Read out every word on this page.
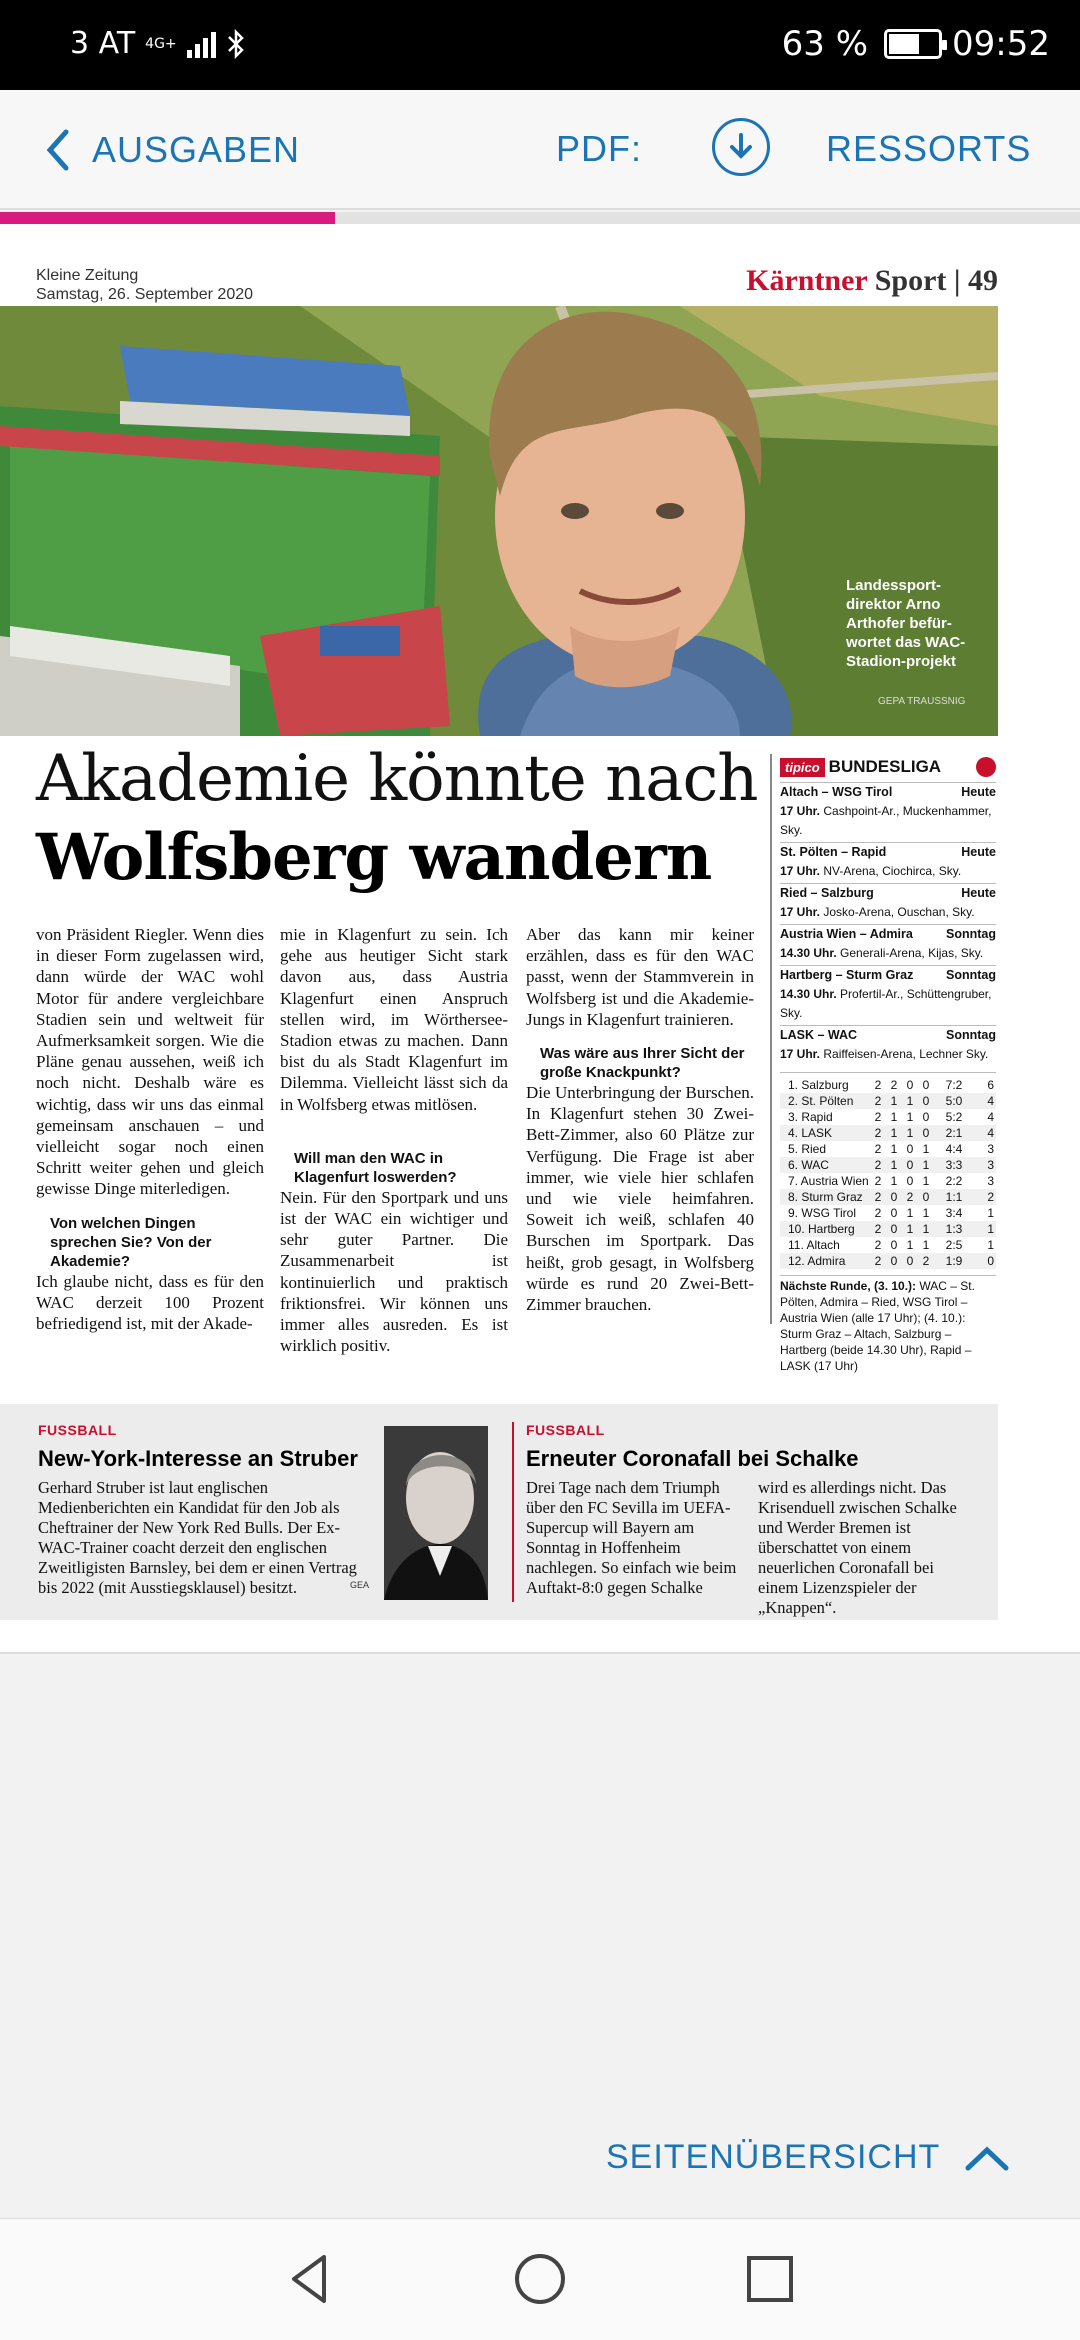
3 AT 4G+	63 % 09:52
AUSGABEN	PDF:	RESSORTS
Kleine Zeitung
Samstag, 26. September 2020	Kärntner Sport | 49
Landessport-direktor Arno Arthofer befür-wortet das WAC-Stadion-projekt
GEPA TRAUSSNIG
Akademie könnte nach
Wolfsberg wandern

von Präsident Riegler. Wenn dies in dieser Form zugelassen wird, dann würde der WAC wohl Motor für andere vergleichbare Stadien sein und weltweit für Aufmerksamkeit sorgen. Wie die Pläne genau aussehen, weiß ich noch nicht. Deshalb wäre es wichtig, dass wir uns das einmal gemeinsam anschauen – und vielleicht sogar noch einen Schritt weiter gehen und gleich gewisse Dinge miterledigen.

Von welchen Dingen sprechen Sie? Von der Akademie?

Ich glaube nicht, dass es für den WAC derzeit 100 Prozent befriedigend ist, mit der Akade-

mie in Klagenfurt zu sein. Ich gehe aus heutiger Sicht stark davon aus, dass Austria Klagenfurt einen Anspruch stellen wird, im Wörthersee-Stadion etwas zu machen. Dann bist du als Stadt Klagenfurt im Dilemma. Vielleicht lässt sich da in Wolfsberg etwas mitlösen.

Will man den WAC in Klagenfurt loswerden?

Nein. Für den Sportpark und uns ist der WAC ein wichtiger und sehr guter Partner. Die Zusammenarbeit ist kontinuierlich und praktisch friktionsfrei. Wir können uns immer alles ausreden. Es ist wirklich positiv.

Aber das kann mir keiner erzählen, dass es für den WAC passt, wenn der Stammverein in Wolfsberg ist und die Akademie-Jungs in Klagenfurt trainieren.

Was wäre aus Ihrer Sicht der große Knackpunkt?

Die Unterbringung der Burschen. In Klagenfurt stehen 30 Zwei-Bett-Zimmer, also 60 Plätze zur Verfügung. Die Frage ist aber immer, wie viele hier schlafen und wie viele heimfahren. Soweit ich weiß, schlafen 40 Burschen im Sportpark. Das heißt, grob gesagt, in Wolfsberg würde es rund 20 Zwei-Bett-Zimmer brauchen.

tipico BUNDESLIGA
Altach – WSG Tirol	Heute
17 Uhr. Cashpoint-Ar., Muckenhammer, Sky.
St. Pölten – Rapid	Heute
17 Uhr. NV-Arena, Ciochirca, Sky.
Ried – Salzburg	Heute
17 Uhr. Josko-Arena, Ouschan, Sky.
Austria Wien – Admira	Sonntag
14.30 Uhr. Generali-Arena, Kijas, Sky.
Hartberg – Sturm Graz	Sonntag
14.30 Uhr. Profertil-Ar., Schüttengruber, Sky.
LASK – WAC	Sonntag
17 Uhr. Raiffeisen-Arena, Lechner Sky.
1. Salzburg	2 2 0 0	7:2	6
2. St. Pölten	2 1 1 0	5:0	4
3. Rapid	2 1 1 0	5:2	4
4. LASK	2 1 1 0	2:1	4
5. Ried	2 1 0 1	4:4	3
6. WAC	2 1 0 1	3:3	3
7. Austria Wien 2 1 0 1	2:2	3
8. Sturm Graz 2 0 2 0	1:1	2
9. WSG Tirol	2 0 1 1	3:4	1
10. Hartberg	2 0 1 1	1:3	1
11. Altach	2 0 1 1	2:5	1
12. Admira	2 0 0 2	1:9	0
Nächste Runde, (3. 10.): WAC – St. Pölten, Admira – Ried, WSG Tirol – Austria Wien (alle 17 Uhr); (4. 10.): Sturm Graz – Altach, Salzburg – Hartberg (beide 14.30 Uhr), Rapid – LASK (17 Uhr)
FUSSBALL
New-York-Interesse an Struber
Gerhard Struber ist laut englischen Medienberichten ein Kandidat für den Job als Cheftrainer der New York Red Bulls. Der Ex-WAC-Trainer coacht derzeit den englischen Zweitligisten Barnsley, bei dem er einen Vertrag bis 2022 (mit Ausstiegsklausel) besitzt.	GEA
FUSSBALL
Erneuter Coronafall bei Schalke
Drei Tage nach dem Triumph über den FC Sevilla im UEFA-Supercup will Bayern am Sonntag in Hoffenheim nachlegen. So einfach wie beim Auftakt-8:0 gegen Schalke
wird es allerdings nicht. Das Krisenduell zwischen Schalke und Werder Bremen ist überschattet von einem neuerlichen Coronafall bei einem Lizenzspieler der „Knappen“.
SEITENÜBERSICHT
